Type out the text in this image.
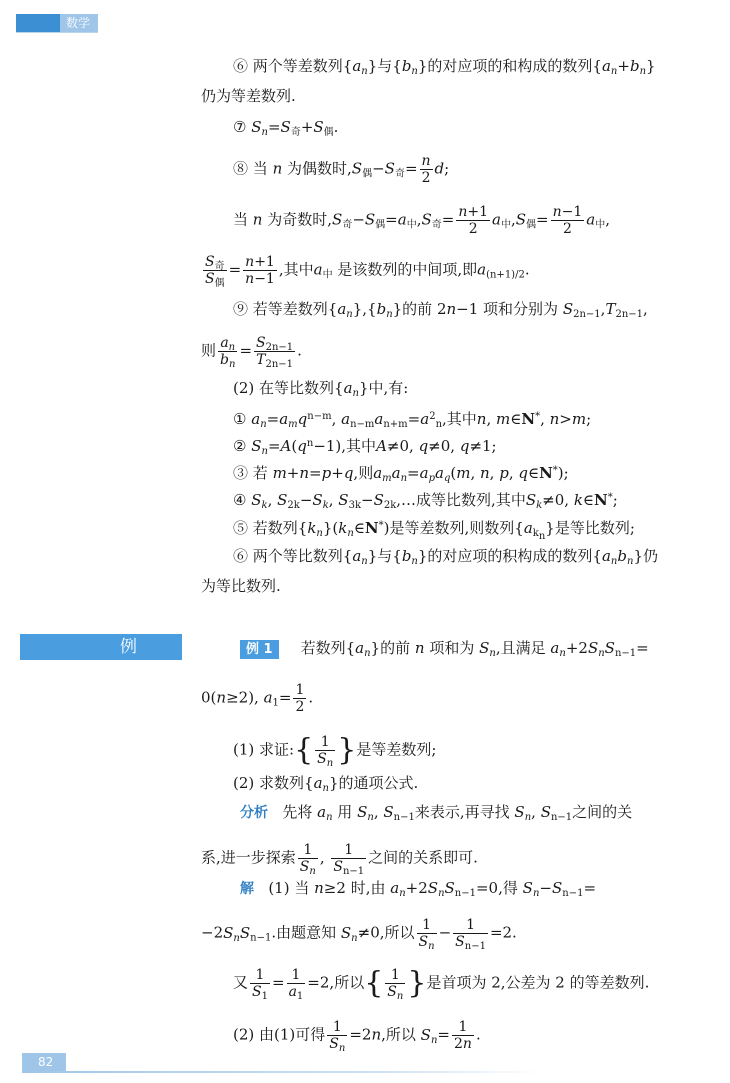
数学
⑥ 两个等差数列$\{a_n\}$与$\{b_n\}$的对应项的和构成的数列$\{a_n+b_n\}$
仍为等差数列.
⑦ $S_n=S_奇+S_偶$.
⑧ 当 n 为偶数时$,S_偶-S_奇= \frac{n}{2} d$;
当 n 为奇数时$,S_奇-S_偶=a_中,S_奇= \frac{n+1}{2} a_中,S_偶= \frac{n-1}{2} a_中$,
$\frac{S_奇}{S_偶} = \frac{n+1}{n-1}$ ,其中$a_中$ 是该数列的中间项,即$a_{(n+1)/2}$.
⑨ 若等差数列$\{a_n\},\{b_n\}$的前 2n−1 项和分别为 $S_{2n-1},T_{2n-1}$,
则 $\frac{a_n}{b_n} = \frac{S_{2n-1}}{T_{2n-1}}$ .
(2) 在等比数列$\{a_n\}$中,有:
① $a_n=a_mq^{n-m}$, $a_{n-m}a_{n+m}=a^2_n$,其中n, m∈N*, n>m;
② $S_n=A(q^n-1)$,其中A≠0, q≠0, q≠1;
③ 若 m+n=p+q,则$a_ma_n=a_pa_q(m$, n, p, q∈N*);
④ $S_k$, $S_{2k}-S_k$, $S_{3k}-S_{2k},\dots$成等比数列,其中$S_k\ne 0$, k∈N*;
⑤ 若数列$\{k_n\}(k_n\in N^*)$是等差数列,则数列$\{a_{k_n}\}$是等比数列;
⑥ 两个等比数列$\{a_n\}$与$\{b_n\}$的对应项的积构成的数列$\{a_nb_n\}$仍
为等比数列.
例题
例 1 若数列$\{a_n\}$的前 n 项和为 $S_n$,且满足 $a_n+2S_nS_{n-1}=$
0(n≥2), $a_1= \frac{1}{2}$ .
(1) 求证:{ $\frac{1}{S_n}$ }是等差数列;
(2) 求数列$\{a_n\}$的通项公式.
分析 先将 $a_n$ 用 $S_n$, $S_{n-1}$来表示,再寻找 $S_n$, $S_{n-1}$之间的关
系,进一步探索 $\frac{1}{S_n}$ , $\frac{1}{S_{n-1}}$ 之间的关系即可.
解 (1) 当 n≥2 时,由 $a_n+2S_nS_{n-1}=0$,得 $S_n-S_{n-1}=$
$-2S_nS_{n-1}$.由题意知 $S_n\ne 0$,所以 $\frac{1}{S_n} - \frac{1}{S_{n-1}} =2$.
又 $\frac{1}{S_1} = \frac{1}{a_1} =2$,所以{ $\frac{1}{S_n}$ }是首项为 2,公差为 2 的等差数列.
(2) 由(1)可得 $\frac{1}{S_n} =2n$,所以 $S_n= \frac{1}{2n}$ .
82
